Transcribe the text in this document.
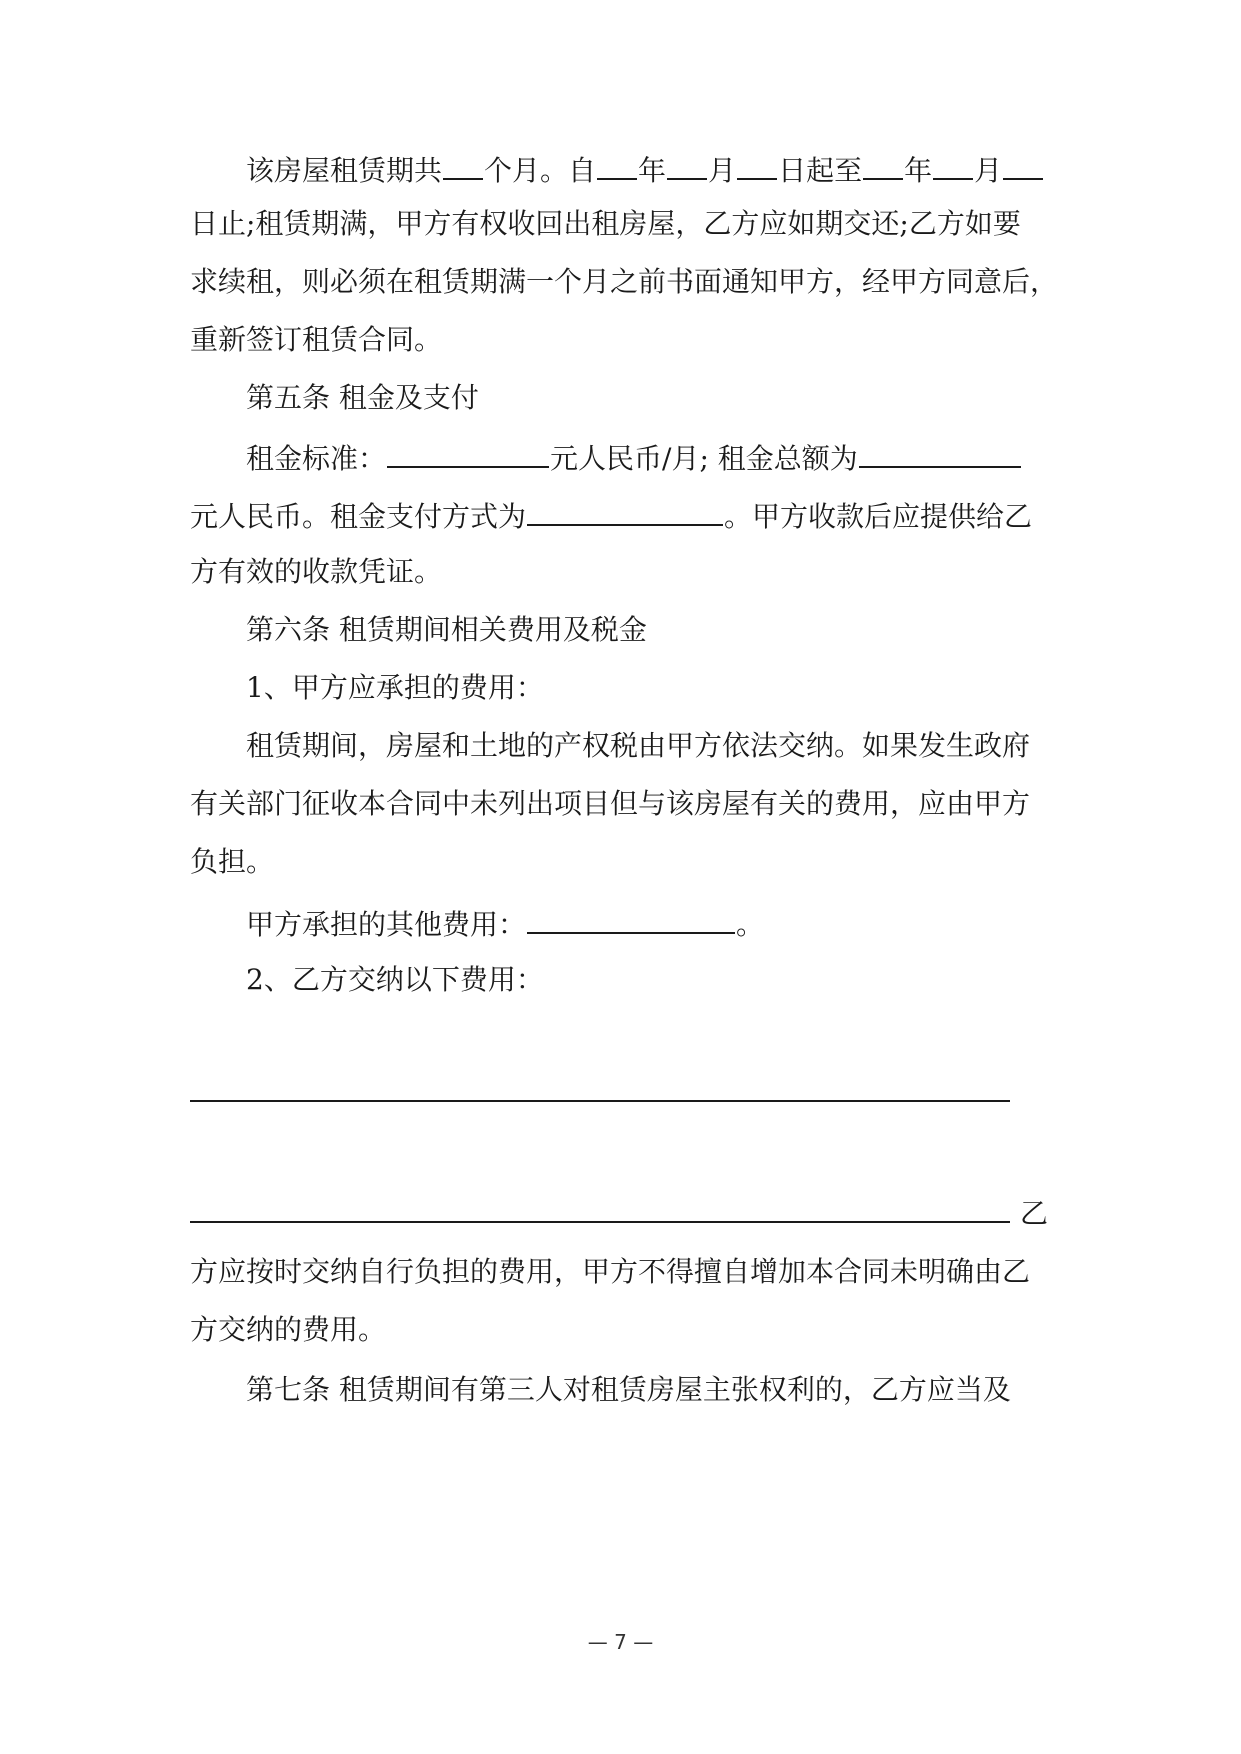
该房屋租赁期共 个月。自 年 月 日起至 年 月
日止;租赁期满，甲方有权收回出租房屋，乙方应如期交还;乙方如要
求续租，则必须在租赁期满一个月之前书面通知甲方，经甲方同意后，
重新签订租赁合同。
第五条 租金及支付
租金标准：	元人民币/月; 租金总额为
元人民币。租金支付方式为	。甲方收款后应提供给乙
方有效的收款凭证。
第六条 租赁期间相关费用及税金
1、甲方应承担的费用：
租赁期间，房屋和土地的产权税由甲方依法交纳。如果发生政府
有关部门征收本合同中未列出项目但与该房屋有关的费用，应由甲方
负担。
甲方承担的其他费用：	。
2、乙方交纳以下费用：
乙
方应按时交纳自行负担的费用，甲方不得擅自增加本合同未明确由乙
方交纳的费用。
第七条 租赁期间有第三人对租赁房屋主张权利的，乙方应当及
— 7 —
